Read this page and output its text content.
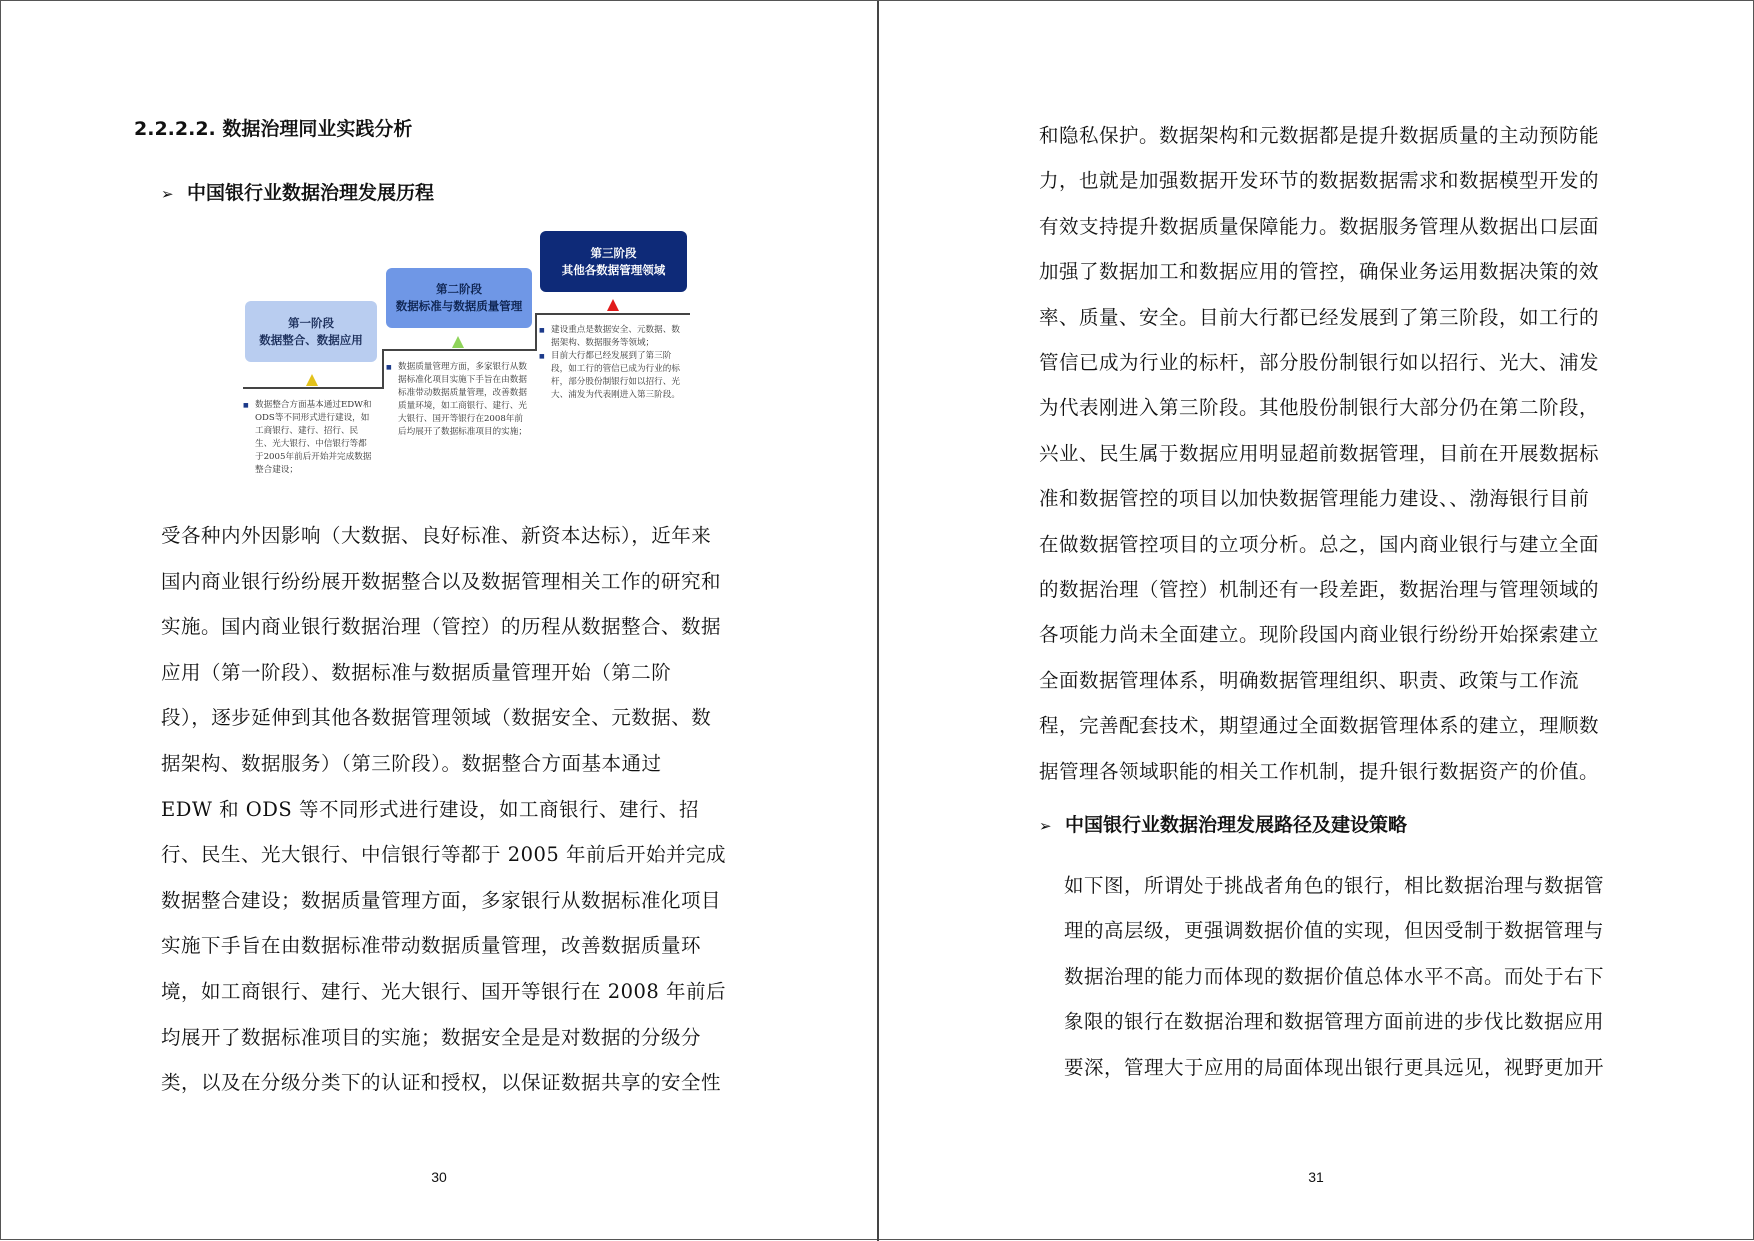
2.2.2.2. 数据治理同业实践分析
➢ 中国银行业数据治理发展历程
第一阶段
数据整合、数据应用
第二阶段
数据标准与数据质量管理
第三阶段
其他各数据管理领域
■ 数据整合方面基本通过EDW和ODS等不同形式进行建设，如工商银行、建行、招行、民生、光大银行、中信银行等都于2005年前后开始并完成数据整合建设；
■ 数据质量管理方面，多家银行从数据标准化项目实施下手旨在由数据标准带动数据质量管理，改善数据质量环境，如工商银行、建行、光大银行、国开等银行在2008年前后均展开了数据标准项目的实施；
■ 建设重点是数据安全、元数据、数据架构、数据服务等领域；
■ 目前大行都已经发展到了第三阶段，如工行的管信已成为行业的标杆，部分股份制银行如以招行、光大、浦发为代表刚进入第三阶段。
受各种内外因影响（大数据、良好标准、新资本达标），近年来
国内商业银行纷纷展开数据整合以及数据管理相关工作的研究和
实施。国内商业银行数据治理（管控）的历程从数据整合、数据
应用（第一阶段）、数据标准与数据质量管理开始（第二阶
段），逐步延伸到其他各数据管理领域（数据安全、元数据、数
据架构、数据服务）（第三阶段）。数据整合方面基本通过
EDW 和 ODS 等不同形式进行建设，如工商银行、建行、招
行、民生、光大银行、中信银行等都于 2005 年前后开始并完成
数据整合建设；数据质量管理方面，多家银行从数据标准化项目
实施下手旨在由数据标准带动数据质量管理，改善数据质量环
境，如工商银行、建行、光大银行、国开等银行在 2008 年前后
均展开了数据标准项目的实施；数据安全是是对数据的分级分
类，以及在分级分类下的认证和授权，以保证数据共享的安全性
30
和隐私保护。数据架构和元数据都是提升数据质量的主动预防能
力，也就是加强数据开发环节的数据数据需求和数据模型开发的
有效支持提升数据质量保障能力。数据服务管理从数据出口层面
加强了数据加工和数据应用的管控，确保业务运用数据决策的效
率、质量、安全。目前大行都已经发展到了第三阶段，如工行的
管信已成为行业的标杆，部分股份制银行如以招行、光大、浦发
为代表刚进入第三阶段。其他股份制银行大部分仍在第二阶段，
兴业、民生属于数据应用明显超前数据管理，目前在开展数据标
准和数据管控的项目以加快数据管理能力建设、、渤海银行目前
在做数据管控项目的立项分析。总之，国内商业银行与建立全面
的数据治理（管控）机制还有一段差距，数据治理与管理领域的
各项能力尚未全面建立。现阶段国内商业银行纷纷开始探索建立
全面数据管理体系，明确数据管理组织、职责、政策与工作流
程，完善配套技术，期望通过全面数据管理体系的建立，理顺数
据管理各领域职能的相关工作机制，提升银行数据资产的价值。
➢ 中国银行业数据治理发展路径及建设策略
如下图，所谓处于挑战者角色的银行，相比数据治理与数据管
理的高层级，更强调数据价值的实现，但因受制于数据管理与
数据治理的能力而体现的数据价值总体水平不高。而处于右下
象限的银行在数据治理和数据管理方面前进的步伐比数据应用
要深，管理大于应用的局面体现出银行更具远见，视野更加开
31
